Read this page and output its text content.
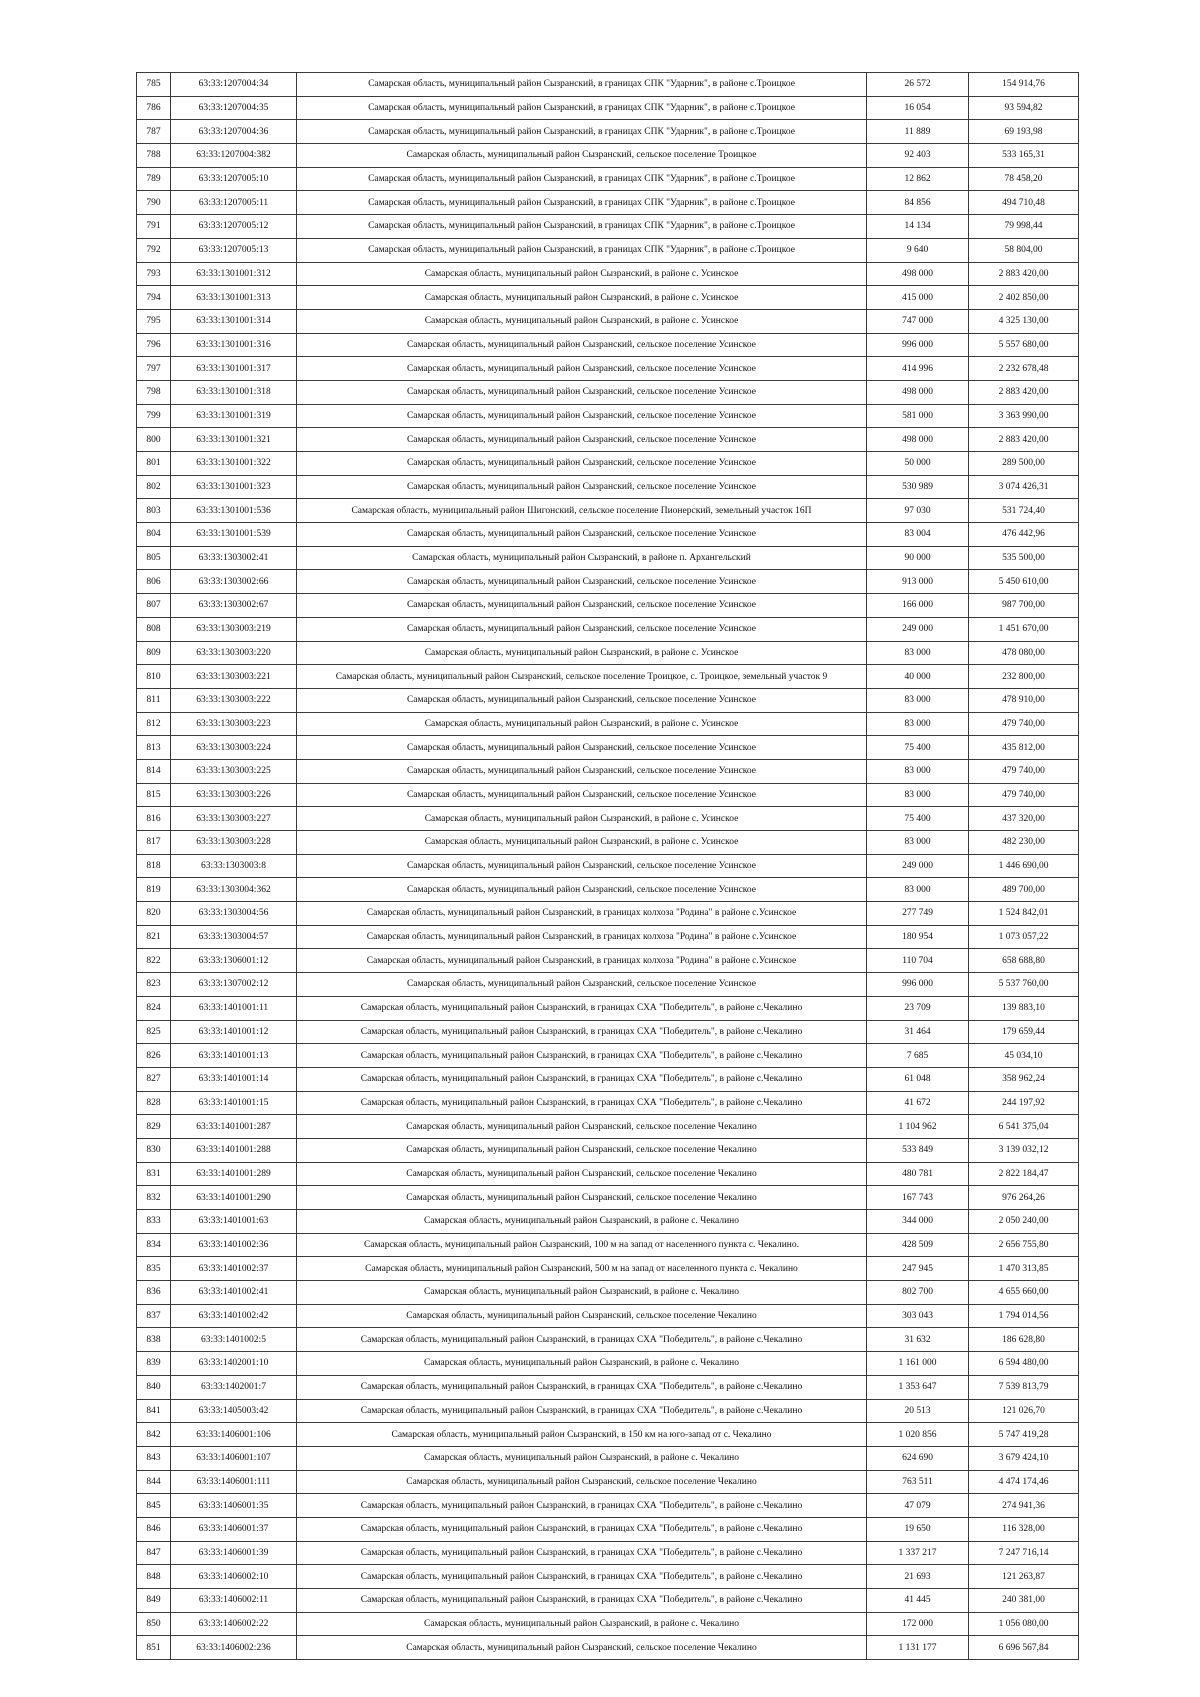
785	63:33:1207004:34	Самарская область, муниципальный район Сызранский, в границах СПК "Ударник", в районе с.Троицкое	26 572	154 914,76
786	63:33:1207004:35	Самарская область, муниципальный район Сызранский, в границах СПК "Ударник", в районе с.Троицкое	16 054	93 594,82
787	63:33:1207004:36	Самарская область, муниципальный район Сызранский, в границах СПК "Ударник", в районе с.Троицкое	11 889	69 193,98
788	63:33:1207004:382	Самарская область, муниципальный район Сызранский, сельское поселение Троицкое	92 403	533 165,31
789	63:33:1207005:10	Самарская область, муниципальный район Сызранский, в границах СПК "Ударник", в районе с.Троицкое	12 862	78 458,20
790	63:33:1207005:11	Самарская область, муниципальный район Сызранский, в границах СПК "Ударник", в районе с.Троицкое	84 856	494 710,48
791	63:33:1207005:12	Самарская область, муниципальный район Сызранский, в границах СПК "Ударник", в районе с.Троицкое	14 134	79 998,44
792	63:33:1207005:13	Самарская область, муниципальный район Сызранский, в границах СПК "Ударник", в районе с.Троицкое	9 640	58 804,00
793	63:33:1301001:312	Самарская область, муниципальный район Сызранский, в районе с. Усинское	498 000	2 883 420,00
794	63:33:1301001:313	Самарская область, муниципальный район Сызранский, в районе с. Усинское	415 000	2 402 850,00
795	63:33:1301001:314	Самарская область, муниципальный район Сызранский, в районе с. Усинское	747 000	4 325 130,00
796	63:33:1301001:316	Самарская область, муниципальный район Сызранский, сельское поселение Усинское	996 000	5 557 680,00
797	63:33:1301001:317	Самарская область, муниципальный район Сызранский, сельское поселение Усинское	414 996	2 232 678,48
798	63:33:1301001:318	Самарская область, муниципальный район Сызранский, сельское поселение Усинское	498 000	2 883 420,00
799	63:33:1301001:319	Самарская область, муниципальный район Сызранский, сельское поселение Усинское	581 000	3 363 990,00
800	63:33:1301001:321	Самарская область, муниципальный район Сызранский, сельское поселение Усинское	498 000	2 883 420,00
801	63:33:1301001:322	Самарская область, муниципальный район Сызранский, сельское поселение Усинское	50 000	289 500,00
802	63:33:1301001:323	Самарская область, муниципальный район Сызранский, сельское поселение Усинское	530 989	3 074 426,31
803	63:33:1301001:536	Самарская область, муниципальный район Шигонский, сельское поселение Пионерский, земельный участок 16П	97 030	531 724,40
804	63:33:1301001:539	Самарская область, муниципальный район Сызранский, сельское поселение Усинское	83 004	476 442,96
805	63:33:1303002:41	Самарская область, муниципальный район Сызранский, в районе п. Архангельский	90 000	535 500,00
806	63:33:1303002:66	Самарская область, муниципальный район Сызранский, сельское поселение Усинское	913 000	5 450 610,00
807	63:33:1303002:67	Самарская область, муниципальный район Сызранский, сельское поселение Усинское	166 000	987 700,00
808	63:33:1303003:219	Самарская область, муниципальный район Сызранский, сельское поселение Усинское	249 000	1 451 670,00
809	63:33:1303003:220	Самарская область, муниципальный район Сызранский, в районе с. Усинское	83 000	478 080,00
810	63:33:1303003:221	Самарская область, муниципальный район Сызранский, сельское поселение Троицкое, с. Троицкое, земельный участок 9	40 000	232 800,00
811	63:33:1303003:222	Самарская область, муниципальный район Сызранский, сельское поселение Усинское	83 000	478 910,00
812	63:33:1303003:223	Самарская область, муниципальный район Сызранский, в районе с. Усинское	83 000	479 740,00
813	63:33:1303003:224	Самарская область, муниципальный район Сызранский, сельское поселение Усинское	75 400	435 812,00
814	63:33:1303003:225	Самарская область, муниципальный район Сызранский, сельское поселение Усинское	83 000	479 740,00
815	63:33:1303003:226	Самарская область, муниципальный район Сызранский, сельское поселение Усинское	83 000	479 740,00
816	63:33:1303003:227	Самарская область, муниципальный район Сызранский, в районе с. Усинское	75 400	437 320,00
817	63:33:1303003:228	Самарская область, муниципальный район Сызранский, в районе с. Усинское	83 000	482 230,00
818	63:33:1303003:8	Самарская область, муниципальный район Сызранский, сельское поселение Усинское	249 000	1 446 690,00
819	63:33:1303004:362	Самарская область, муниципальный район Сызранский, сельское поселение Усинское	83 000	489 700,00
820	63:33:1303004:56	Самарская область, муниципальный район Сызранский, в границах колхоза "Родина" в районе с.Усинское	277 749	1 524 842,01
821	63:33:1303004:57	Самарская область, муниципальный район Сызранский, в границах колхоза "Родина" в районе с.Усинское	180 954	1 073 057,22
822	63:33:1306001:12	Самарская область, муниципальный район Сызранский, в границах колхоза "Родина" в районе с.Усинское	110 704	658 688,80
823	63:33:1307002:12	Самарская область, муниципальный район Сызранский, сельское поселение Усинское	996 000	5 537 760,00
824	63:33:1401001:11	Самарская область, муниципальный район Сызранский, в границах СХА "Победитель", в районе с.Чекалино	23 709	139 883,10
825	63:33:1401001:12	Самарская область, муниципальный район Сызранский, в границах СХА "Победитель", в районе с.Чекалино	31 464	179 659,44
826	63:33:1401001:13	Самарская область, муниципальный район Сызранский, в границах СХА "Победитель", в районе с.Чекалино	7 685	45 034,10
827	63:33:1401001:14	Самарская область, муниципальный район Сызранский, в границах СХА "Победитель", в районе с.Чекалино	61 048	358 962,24
828	63:33:1401001:15	Самарская область, муниципальный район Сызранский, в границах СХА "Победитель", в районе с.Чекалино	41 672	244 197,92
829	63:33:1401001:287	Самарская область, муниципальный район Сызранский, сельское поселение Чекалино	1 104 962	6 541 375,04
830	63:33:1401001:288	Самарская область, муниципальный район Сызранский, сельское поселение Чекалино	533 849	3 139 032,12
831	63:33:1401001:289	Самарская область, муниципальный район Сызранский, сельское поселение Чекалино	480 781	2 822 184,47
832	63:33:1401001:290	Самарская область, муниципальный район Сызранский, сельское поселение Чекалино	167 743	976 264,26
833	63:33:1401001:63	Самарская область, муниципальный район Сызранский, в районе с. Чекалино	344 000	2 050 240,00
834	63:33:1401002:36	Самарская область, муниципальный район Сызранский, 100 м на запад от населенного пункта с. Чекалино.	428 509	2 656 755,80
835	63:33:1401002:37	Самарская область, муниципальный район Сызранский, 500 м на запад от населенного пункта с. Чекалино	247 945	1 470 313,85
836	63:33:1401002:41	Самарская область, муниципальный район Сызранский, в районе с. Чекалино	802 700	4 655 660,00
837	63:33:1401002:42	Самарская область, муниципальный район Сызранский, сельское поселение Чекалино	303 043	1 794 014,56
838	63:33:1401002:5	Самарская область, муниципальный район Сызранский, в границах СХА "Победитель", в районе с.Чекалино	31 632	186 628,80
839	63:33:1402001:10	Самарская область, муниципальный район Сызранский, в районе с. Чекалино	1 161 000	6 594 480,00
840	63:33:1402001:7	Самарская область, муниципальный район Сызранский, в границах СХА "Победитель", в районе с.Чекалино	1 353 647	7 539 813,79
841	63:33:1405003:42	Самарская область, муниципальный район Сызранский, в границах СХА "Победитель", в районе с.Чекалино	20 513	121 026,70
842	63:33:1406001:106	Самарская область, муниципальный район Сызранский, в 150 км на юго-запад от с. Чекалино	1 020 856	5 747 419,28
843	63:33:1406001:107	Самарская область, муниципальный район Сызранский, в районе с. Чекалино	624 690	3 679 424,10
844	63:33:1406001:111	Самарская область, муниципальный район Сызранский, сельское поселение Чекалино	763 511	4 474 174,46
845	63:33:1406001:35	Самарская область, муниципальный район Сызранский, в границах СХА "Победитель", в районе с.Чекалино	47 079	274 941,36
846	63:33:1406001:37	Самарская область, муниципальный район Сызранский, в границах СХА "Победитель", в районе с.Чекалино	19 650	116 328,00
847	63:33:1406001:39	Самарская область, муниципальный район Сызранский, в границах СХА "Победитель", в районе с.Чекалино	1 337 217	7 247 716,14
848	63:33:1406002:10	Самарская область, муниципальный район Сызранский, в границах СХА "Победитель", в районе с.Чекалино	21 693	121 263,87
849	63:33:1406002:11	Самарская область, муниципальный район Сызранский, в границах СХА "Победитель", в районе с.Чекалино	41 445	240 381,00
850	63:33:1406002:22	Самарская область, муниципальный район Сызранский, в районе с. Чекалино	172 000	1 056 080,00
851	63:33:1406002:236	Самарская область, муниципальный район Сызранский, сельское поселение Чекалино	1 131 177	6 696 567,84
